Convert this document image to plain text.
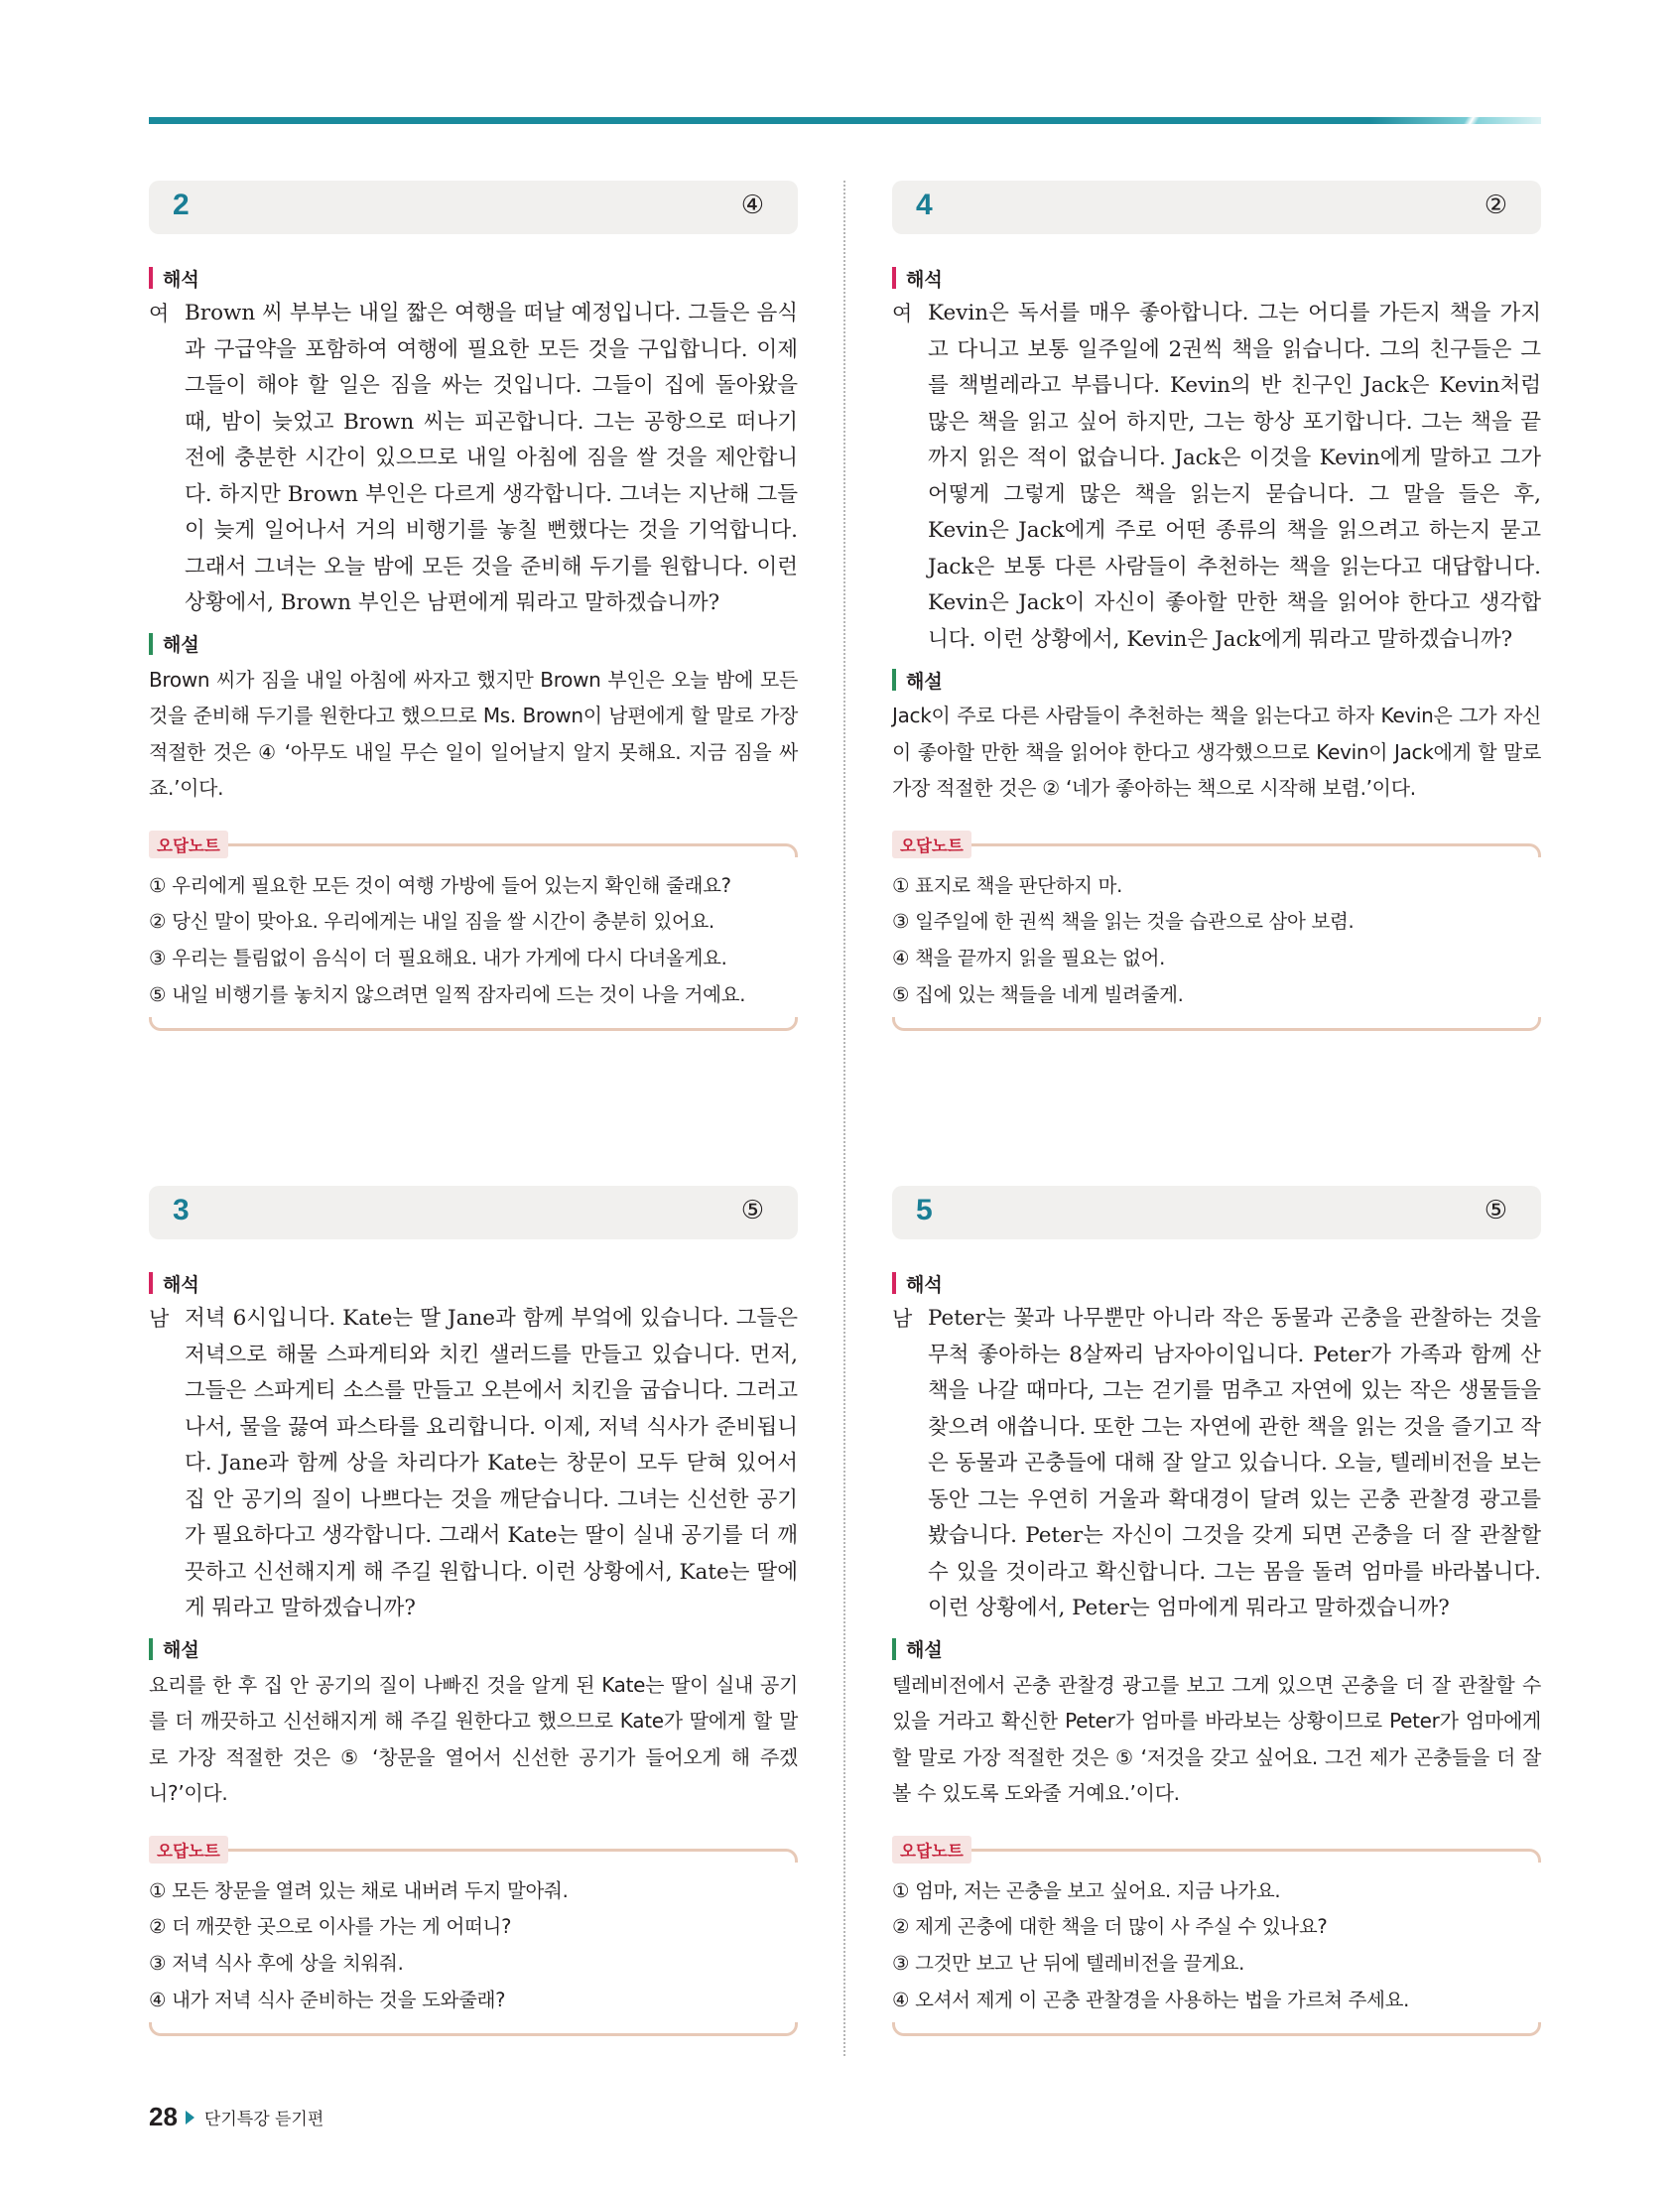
2	④
해석
여 Brown 씨 부부는 내일 짧은 여행을 떠날 예정입니다. 그들은 음식과 구급약을 포함하여 여행에 필요한 모든 것을 구입합니다. 이제 그들이 해야 할 일은 짐을 싸는 것입니다. 그들이 집에 돌아왔을 때, 밤이 늦었고 Brown 씨는 피곤합니다. 그는 공항으로 떠나기 전에 충분한 시간이 있으므로 내일 아침에 짐을 쌀 것을 제안합니다. 하지만 Brown 부인은 다르게 생각합니다. 그녀는 지난해 그들이 늦게 일어나서 거의 비행기를 놓칠 뻔했다는 것을 기억합니다. 그래서 그녀는 오늘 밤에 모든 것을 준비해 두기를 원합니다. 이런 상황에서, Brown 부인은 남편에게 뭐라고 말하겠습니까?
해설
Brown 씨가 짐을 내일 아침에 싸자고 했지만 Brown 부인은 오늘 밤에 모든 것을 준비해 두기를 원한다고 했으므로 Ms. Brown이 남편에게 할 말로 가장 적절한 것은 ④ ‘아무도 내일 무슨 일이 일어날지 알지 못해요. 지금 짐을 싸죠.’이다.
오답노트
① 우리에게 필요한 모든 것이 여행 가방에 들어 있는지 확인해 줄래요?
② 당신 말이 맞아요. 우리에게는 내일 짐을 쌀 시간이 충분히 있어요.
③ 우리는 틀림없이 음식이 더 필요해요. 내가 가게에 다시 다녀올게요.
⑤ 내일 비행기를 놓치지 않으려면 일찍 잠자리에 드는 것이 나을 거예요.
4	②
해석
여 Kevin은 독서를 매우 좋아합니다. 그는 어디를 가든지 책을 가지고 다니고 보통 일주일에 2권씩 책을 읽습니다. 그의 친구들은 그를 책벌레라고 부릅니다. Kevin의 반 친구인 Jack은 Kevin처럼 많은 책을 읽고 싶어 하지만, 그는 항상 포기합니다. 그는 책을 끝까지 읽은 적이 없습니다. Jack은 이것을 Kevin에게 말하고 그가 어떻게 그렇게 많은 책을 읽는지 묻습니다. 그 말을 들은 후, Kevin은 Jack에게 주로 어떤 종류의 책을 읽으려고 하는지 묻고 Jack은 보통 다른 사람들이 추천하는 책을 읽는다고 대답합니다. Kevin은 Jack이 자신이 좋아할 만한 책을 읽어야 한다고 생각합니다. 이런 상황에서, Kevin은 Jack에게 뭐라고 말하겠습니까?
해설
Jack이 주로 다른 사람들이 추천하는 책을 읽는다고 하자 Kevin은 그가 자신이 좋아할 만한 책을 읽어야 한다고 생각했으므로 Kevin이 Jack에게 할 말로 가장 적절한 것은 ② ‘네가 좋아하는 책으로 시작해 보렴.’이다.
오답노트
① 표지로 책을 판단하지 마.
③ 일주일에 한 권씩 책을 읽는 것을 습관으로 삼아 보렴.
④ 책을 끝까지 읽을 필요는 없어.
⑤ 집에 있는 책들을 네게 빌려줄게.
3	⑤
해석
남 저녁 6시입니다. Kate는 딸 Jane과 함께 부엌에 있습니다. 그들은 저녁으로 해물 스파게티와 치킨 샐러드를 만들고 있습니다. 먼저, 그들은 스파게티 소스를 만들고 오븐에서 치킨을 굽습니다. 그러고 나서, 물을 끓여 파스타를 요리합니다. 이제, 저녁 식사가 준비됩니다. Jane과 함께 상을 차리다가 Kate는 창문이 모두 닫혀 있어서 집 안 공기의 질이 나쁘다는 것을 깨닫습니다. 그녀는 신선한 공기가 필요하다고 생각합니다. 그래서 Kate는 딸이 실내 공기를 더 깨끗하고 신선해지게 해 주길 원합니다. 이런 상황에서, Kate는 딸에게 뭐라고 말하겠습니까?
해설
요리를 한 후 집 안 공기의 질이 나빠진 것을 알게 된 Kate는 딸이 실내 공기를 더 깨끗하고 신선해지게 해 주길 원한다고 했으므로 Kate가 딸에게 할 말로 가장 적절한 것은 ⑤ ‘창문을 열어서 신선한 공기가 들어오게 해 주겠니?’이다.
오답노트
① 모든 창문을 열려 있는 채로 내버려 두지 말아줘.
② 더 깨끗한 곳으로 이사를 가는 게 어떠니?
③ 저녁 식사 후에 상을 치워줘.
④ 내가 저녁 식사 준비하는 것을 도와줄래?
5	⑤
해석
남 Peter는 꽃과 나무뿐만 아니라 작은 동물과 곤충을 관찰하는 것을 무척 좋아하는 8살짜리 남자아이입니다. Peter가 가족과 함께 산책을 나갈 때마다, 그는 걷기를 멈추고 자연에 있는 작은 생물들을 찾으려 애씁니다. 또한 그는 자연에 관한 책을 읽는 것을 즐기고 작은 동물과 곤충들에 대해 잘 알고 있습니다. 오늘, 텔레비전을 보는 동안 그는 우연히 거울과 확대경이 달려 있는 곤충 관찰경 광고를 봤습니다. Peter는 자신이 그것을 갖게 되면 곤충을 더 잘 관찰할 수 있을 것이라고 확신합니다. 그는 몸을 돌려 엄마를 바라봅니다. 이런 상황에서, Peter는 엄마에게 뭐라고 말하겠습니까?
해설
텔레비전에서 곤충 관찰경 광고를 보고 그게 있으면 곤충을 더 잘 관찰할 수 있을 거라고 확신한 Peter가 엄마를 바라보는 상황이므로 Peter가 엄마에게 할 말로 가장 적절한 것은 ⑤ ‘저것을 갖고 싶어요. 그건 제가 곤충들을 더 잘 볼 수 있도록 도와줄 거예요.’이다.
오답노트
① 엄마, 저는 곤충을 보고 싶어요. 지금 나가요.
② 제게 곤충에 대한 책을 더 많이 사 주실 수 있나요?
③ 그것만 보고 난 뒤에 텔레비전을 끌게요.
④ 오셔서 제게 이 곤충 관찰경을 사용하는 법을 가르쳐 주세요.
28 단기특강 듣기편
